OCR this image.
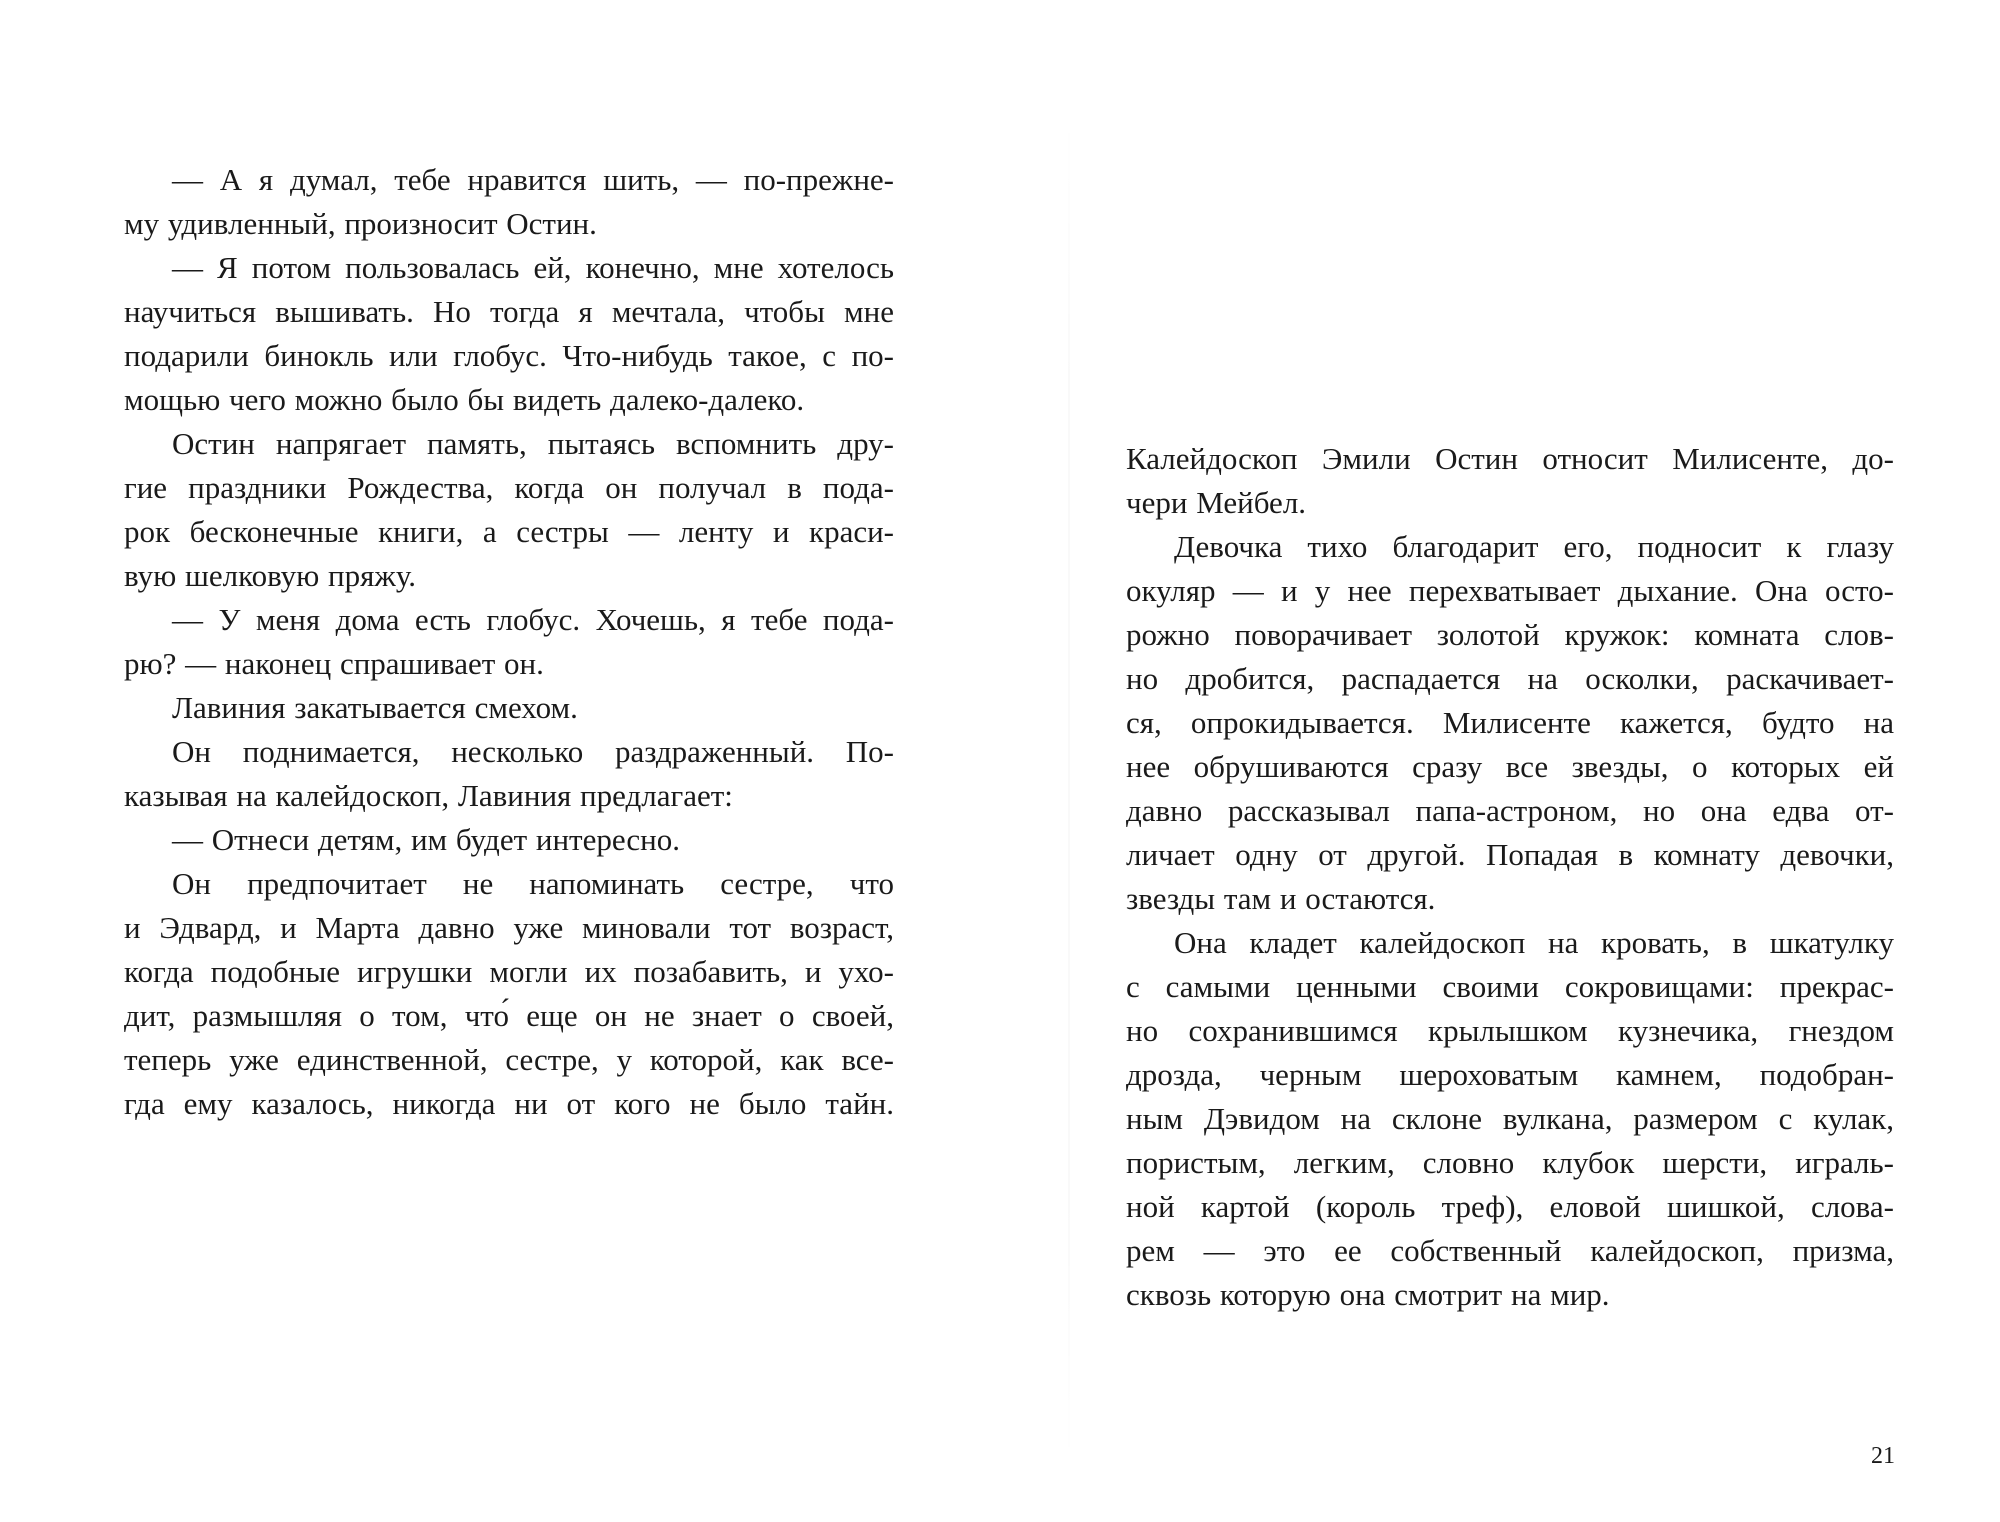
— А я думал, тебе нравится шить, — по-прежне-
му удивленный, произносит Остин.
— Я потом пользовалась ей, конечно, мне хотелось
научиться вышивать. Но тогда я мечтала, чтобы мне
подарили бинокль или глобус. Что-нибудь такое, с по-
мощью чего можно было бы видеть далеко-далеко.
Остин напрягает память, пытаясь вспомнить дру-
гие праздники Рождества, когда он получал в пода-
рок бесконечные книги, а сестры — ленту и краси-
вую шелковую пряжу.
— У меня дома есть глобус. Хочешь, я тебе пода-
рю? — наконец спрашивает он.
Лавиния закатывается смехом.
Он поднимается, несколько раздраженный. По-
казывая на калейдоскоп, Лавиния предлагает:
— Отнеси детям, им будет интересно.
Он предпочитает не напоминать сестре, что
и Эдвард, и Марта давно уже миновали тот возраст,
когда подобные игрушки могли их позабавить, и ухо-
дит, размышляя о том, что́ еще он не знает о своей,
теперь уже единственной, сестре, у которой, как все-
гда ему казалось, никогда ни от кого не было тайн.
Калейдоскоп Эмили Остин относит Милисенте, до-
чери Мейбел.
Девочка тихо благодарит его, подносит к глазу
окуляр — и у нее перехватывает дыхание. Она осто-
рожно поворачивает золотой кружок: комната слов-
но дробится, распадается на осколки, раскачивает-
ся, опрокидывается. Милисенте кажется, будто на
нее обрушиваются сразу все звезды, о которых ей
давно рассказывал папа-астроном, но она едва от-
личает одну от другой. Попадая в комнату девочки,
звезды там и остаются.
Она кладет калейдоскоп на кровать, в шкатулку
с самыми ценными своими сокровищами: прекрас-
но сохранившимся крылышком кузнечика, гнездом
дрозда, черным шероховатым камнем, подобран-
ным Дэвидом на склоне вулкана, размером с кулак,
пористым, легким, словно клубок шерсти, играль-
ной картой (король треф), еловой шишкой, слова-
рем — это ее собственный калейдоскоп, призма,
сквозь которую она смотрит на мир.
21
